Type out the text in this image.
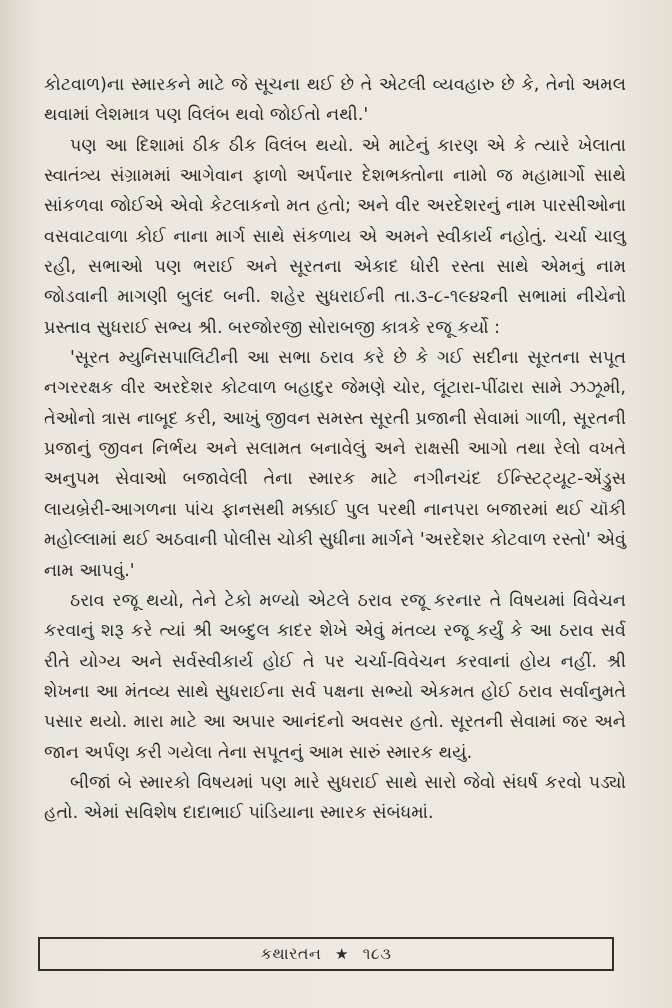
કોટવાળ)ના સ્મારકને માટે જે સૂચના થઈ છે તે એટલી વ્યવહારુ છે કે, તેનો અમલ થવામાં લેશમાત્ર પણ વિલંબ થવો જોઈતો નથી.'

પણ આ દિશામાં ઠીક ઠીક વિલંબ થયો. એ માટેનું કારણ એ કે ત્યારે ખેલાતા સ્વાતંત્ર્ય સંગ્રામમાં આગેવાન ફાળો અર્પનાર દેશભક્તોના નામો જ મહામાર્ગો સાથે સાંકળવા જોઈએ એવો કેટલાકનો મત હતો; અને વીર અરદેશરનું નામ પારસીઓના વસવાટવાળા કોઈ નાના માર્ગ સાથે સંકળાય એ અમને સ્વીકાર્ય નહોતું. ચર્ચા ચાલુ રહી, સભાઓ પણ ભરાઈ અને સૂરતના એકાદ ધોરી રસ્તા સાથે એમનું નામ જોડવાની માગણી બુલંદ બની. શહેર સુધરાઈની તા.૩-૮-૧૯૪૨ની સભામાં નીચેનો પ્રસ્તાવ સુધરાઈ સભ્ય શ્રી. બરજોરજી સોરાબજી કાત્રકે રજૂ કર્યો :

'સૂરત મ્યુનિસપાલિટીની આ સભા ઠરાવ કરે છે કે ગઈ સદીના સૂરતના સપૂત નગરરક્ષક વીર અરદેશર કોટવાળ બહાદુર જેમણે ચોર, લૂંટારા-પીંઢારા સામે ઝઝૂમી, તેઓનો ત્રાસ નાબૂદ કરી, આખું જીવન સમસ્ત સૂરતી પ્રજાની સેવામાં ગાળી, સૂરતની પ્રજાનું જીવન નિર્ભય અને સલામત બનાવેલું અને રાક્ષસી આગો તથા રેલો વખતે અનુપમ સેવાઓ બજાવેલી તેના સ્મારક માટે નગીનચંદ ઈન્સ્ટિટ્યૂટ-એંડ્રુસ લાયબ્રેરી-આગળના પાંચ ફાનસથી મક્કાઈ પુલ પરથી નાનપરા બજારમાં થઈ ચૉકી મહોલ્લામાં થઈ અઠવાની પોલીસ ચોકી સુધીના માર્ગને 'અરદેશર કોટવાળ રસ્તો' એવું નામ આપવું.'

ઠરાવ રજૂ થયો, તેને ટેકો મળ્યો એટલે ઠરાવ રજૂ કરનાર તે વિષયમાં વિવેચન કરવાનું શરૂ કરે ત્યાં શ્રી અબ્દુલ કાદર શેખે એવું મંતવ્ય રજૂ કર્યું કે આ ઠરાવ સર્વ રીતે યોગ્ય અને સર્વસ્વીકાર્ય હોઈ તે પર ચર્ચા-વિવેચન કરવાનાં હોય નહીં. શ્રી શેખના આ મંતવ્ય સાથે સુધરાઈના સર્વ પક્ષના સભ્યો એકમત હોઈ ઠરાવ સર્વાનુમતે પસાર થયો. મારા માટે આ અપાર આનંદનો અવસર હતો. સૂરતની સેવામાં જર અને જાન અર્પણ કરી ગયેલા તેના સપૂતનું આમ સારું સ્મારક થયું.

બીજાં બે સ્મારકો વિષયમાં પણ મારે સુધરાઈ સાથે સારો જેવો સંઘર્ષ કરવો પડ્યો હતો. એમાં સવિશેષ દાદાભાઈ પાંડિયાના સ્મારક સંબંધમાં.

કથારતન ★ ૧૮૩
